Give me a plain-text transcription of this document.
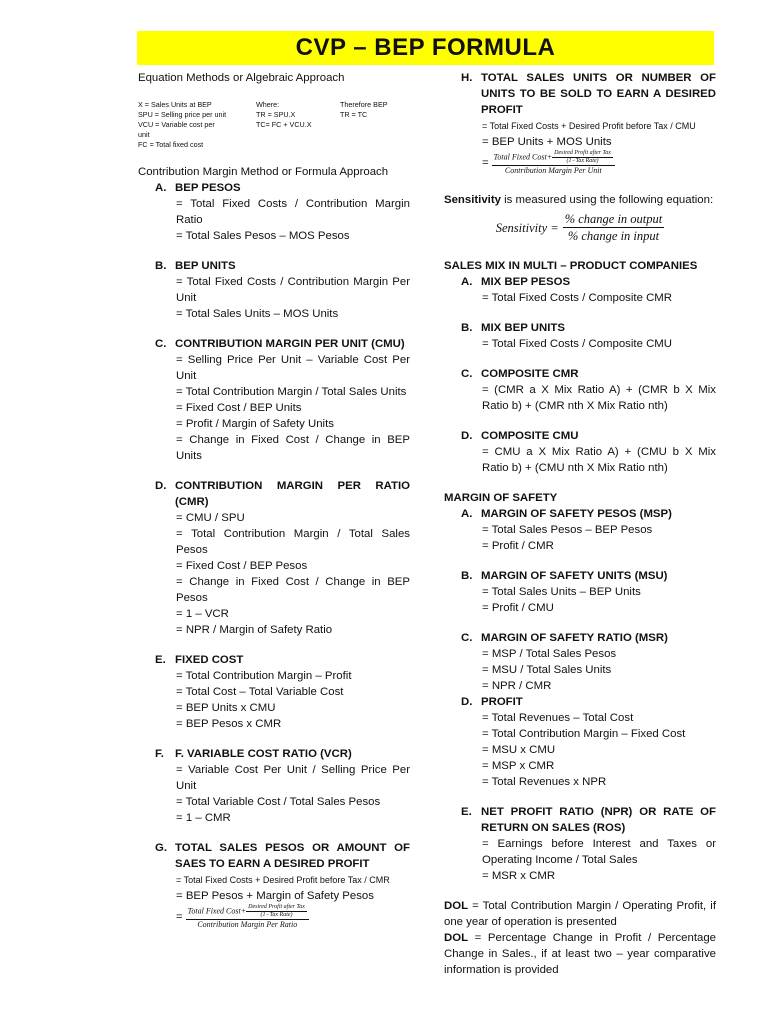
CVP – BEP FORMULA

Equation Methods or Algebraic Approach

X = Sales Units at BEP
SPU = Selling price per unit
VCU = Variable cost per
unit
FC = Total fixed cost
Where:
TR = SPU.X
TC= FC + VCU.X
Therefore BEP
TR = TC

Contribution Margin Method or Formula Approach

A. BEP PESOS
= Total Fixed Costs / Contribution Margin Ratio
= Total Sales Pesos – MOS Pesos
B. BEP UNITS
= Total Fixed Costs / Contribution Margin Per Unit
= Total Sales Units – MOS Units
C. CONTRIBUTION MARGIN PER UNIT (CMU)
= Selling Price Per Unit – Variable Cost Per Unit
= Total Contribution Margin / Total Sales Units
= Fixed Cost / BEP Units
= Profit / Margin of Safety Units
= Change in Fixed Cost / Change in BEP Units
D. CONTRIBUTION MARGIN PER RATIO (CMR)
= CMU / SPU
= Total Contribution Margin / Total Sales Pesos
= Fixed Cost / BEP Pesos
= Change in Fixed Cost / Change in BEP Pesos
= 1 – VCR
= NPR / Margin of Safety Ratio
E. FIXED COST
= Total Contribution Margin – Profit
= Total Cost – Total Variable Cost
= BEP Units x CMU
= BEP Pesos x CMR
F. F. VARIABLE COST RATIO (VCR)
= Variable Cost Per Unit / Selling Price Per Unit
= Total Variable Cost / Total Sales Pesos
= 1 – CMR
G. TOTAL SALES PESOS OR AMOUNT OF SAES TO EARN A DESIRED PROFIT
= Total Fixed Costs + Desired Profit before Tax / CMR
= BEP Pesos + Margin of Safety Pesos
= $\frac{Total Fixed Cost+ \frac{\text{Desired Profit after Tax}}{\text{(1−Tax Rate)}}}{\text{Contribution Margin Per Ratio}}$
H. TOTAL SALES UNITS OR NUMBER OF UNITS TO BE SOLD TO EARN A DESIRED PROFIT
= Total Fixed Costs + Desired Profit before Tax / CMU
= BEP Units + MOS Units
= $\frac{Total Fixed Cost+ \frac{\text{Desired Profit after Tax}}{\text{(1−Tax Rate)}}}{\text{Contribution Margin Per Unit}}$

Sensitivity is measured using the following equation:

Sensitivity = $\frac{\text{\% change in output}}{\text{\% change in input}}$

SALES MIX IN MULTI – PRODUCT COMPANIES

A. MIX BEP PESOS
= Total Fixed Costs / Composite CMR
B. MIX BEP UNITS
= Total Fixed Costs / Composite CMU
C. COMPOSITE CMR
= (CMR a X Mix Ratio A) + (CMR b X Mix Ratio b) + (CMR nth X Mix Ratio nth)
D. COMPOSITE CMU
= CMU a X Mix Ratio A) + (CMU b X Mix Ratio b) + (CMU nth X Mix Ratio nth)

MARGIN OF SAFETY

A. MARGIN OF SAFETY PESOS (MSP)
= Total Sales Pesos – BEP Pesos
= Profit / CMR
B. MARGIN OF SAFETY UNITS (MSU)
= Total Sales Units – BEP Units
= Profit / CMU
C. MARGIN OF SAFETY RATIO (MSR)
= MSP / Total Sales Pesos
= MSU / Total Sales Units
= NPR / CMR
D. PROFIT
= Total Revenues – Total Cost
= Total Contribution Margin – Fixed Cost
= MSU x CMU
= MSP x CMR
= Total Revenues x NPR
E. NET PROFIT RATIO (NPR) OR RATE OF RETURN ON SALES (ROS)
= Earnings before Interest and Taxes or Operating Income / Total Sales
= MSR x CMR

DOL = Total Contribution Margin / Operating Profit, if one year of operation is presented

DOL = Percentage Change in Profit / Percentage Change in Sales., if at least two – year comparative information is provided
